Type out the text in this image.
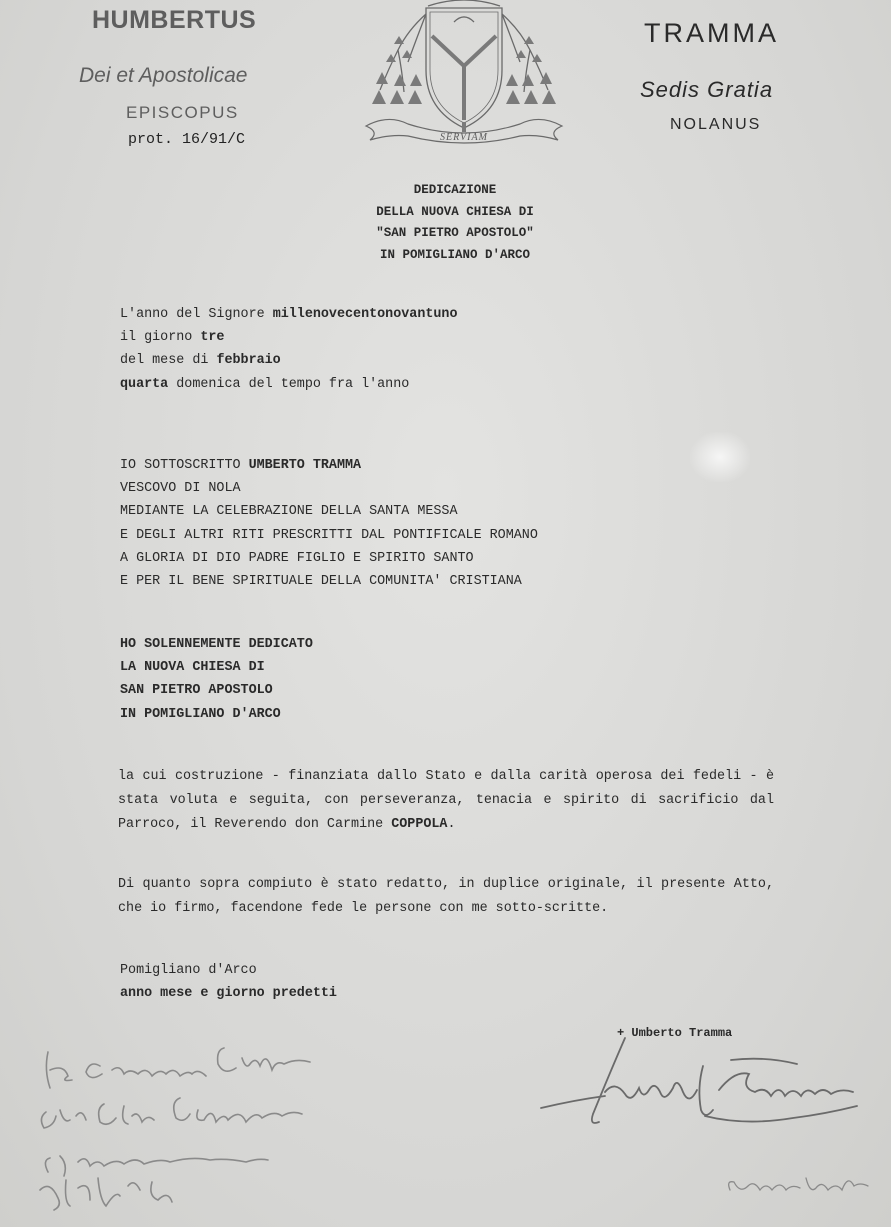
HUMBERTUS
Dei et Apostolicae
EPISCOPUS
prot. 16/91/C	SERVIAM
TRAMMA
Sedis Gratia
NOLANUS
DEDICAZIONE
DELLA NUOVA CHIESA DI
"SAN PIETRO APOSTOLO"
IN POMIGLIANO D'ARCO
L'anno del Signore millenovecentonovantuno
il giorno tre
del mese di febbraio
quarta domenica del tempo fra l'anno
IO SOTTOSCRITTO UMBERTO TRAMMA
VESCOVO DI NOLA
MEDIANTE LA CELEBRAZIONE DELLA SANTA MESSA
E DEGLI ALTRI RITI PRESCRITTI DAL PONTIFICALE ROMANO
A GLORIA DI DIO PADRE FIGLIO E SPIRITO SANTO
E PER IL BENE SPIRITUALE DELLA COMUNITA' CRISTIANA
HO SOLENNEMENTE DEDICATO
LA NUOVA CHIESA DI
SAN PIETRO APOSTOLO
IN POMIGLIANO D'ARCO
la cui costruzione - finanziata dallo Stato e dalla carità operosa dei fedeli - è stata voluta e seguita, con perseveranza, tenacia e spirito di sacrificio dal Parroco, il Reverendo don Carmine COPPOLA.
Di quanto sopra compiuto è stato redatto, in duplice originale, il presente Atto, che io firmo, facendone fede le persone con me sotto-scritte.
Pomigliano d'Arco
anno mese e giorno predetti
+ Umberto Tramma
